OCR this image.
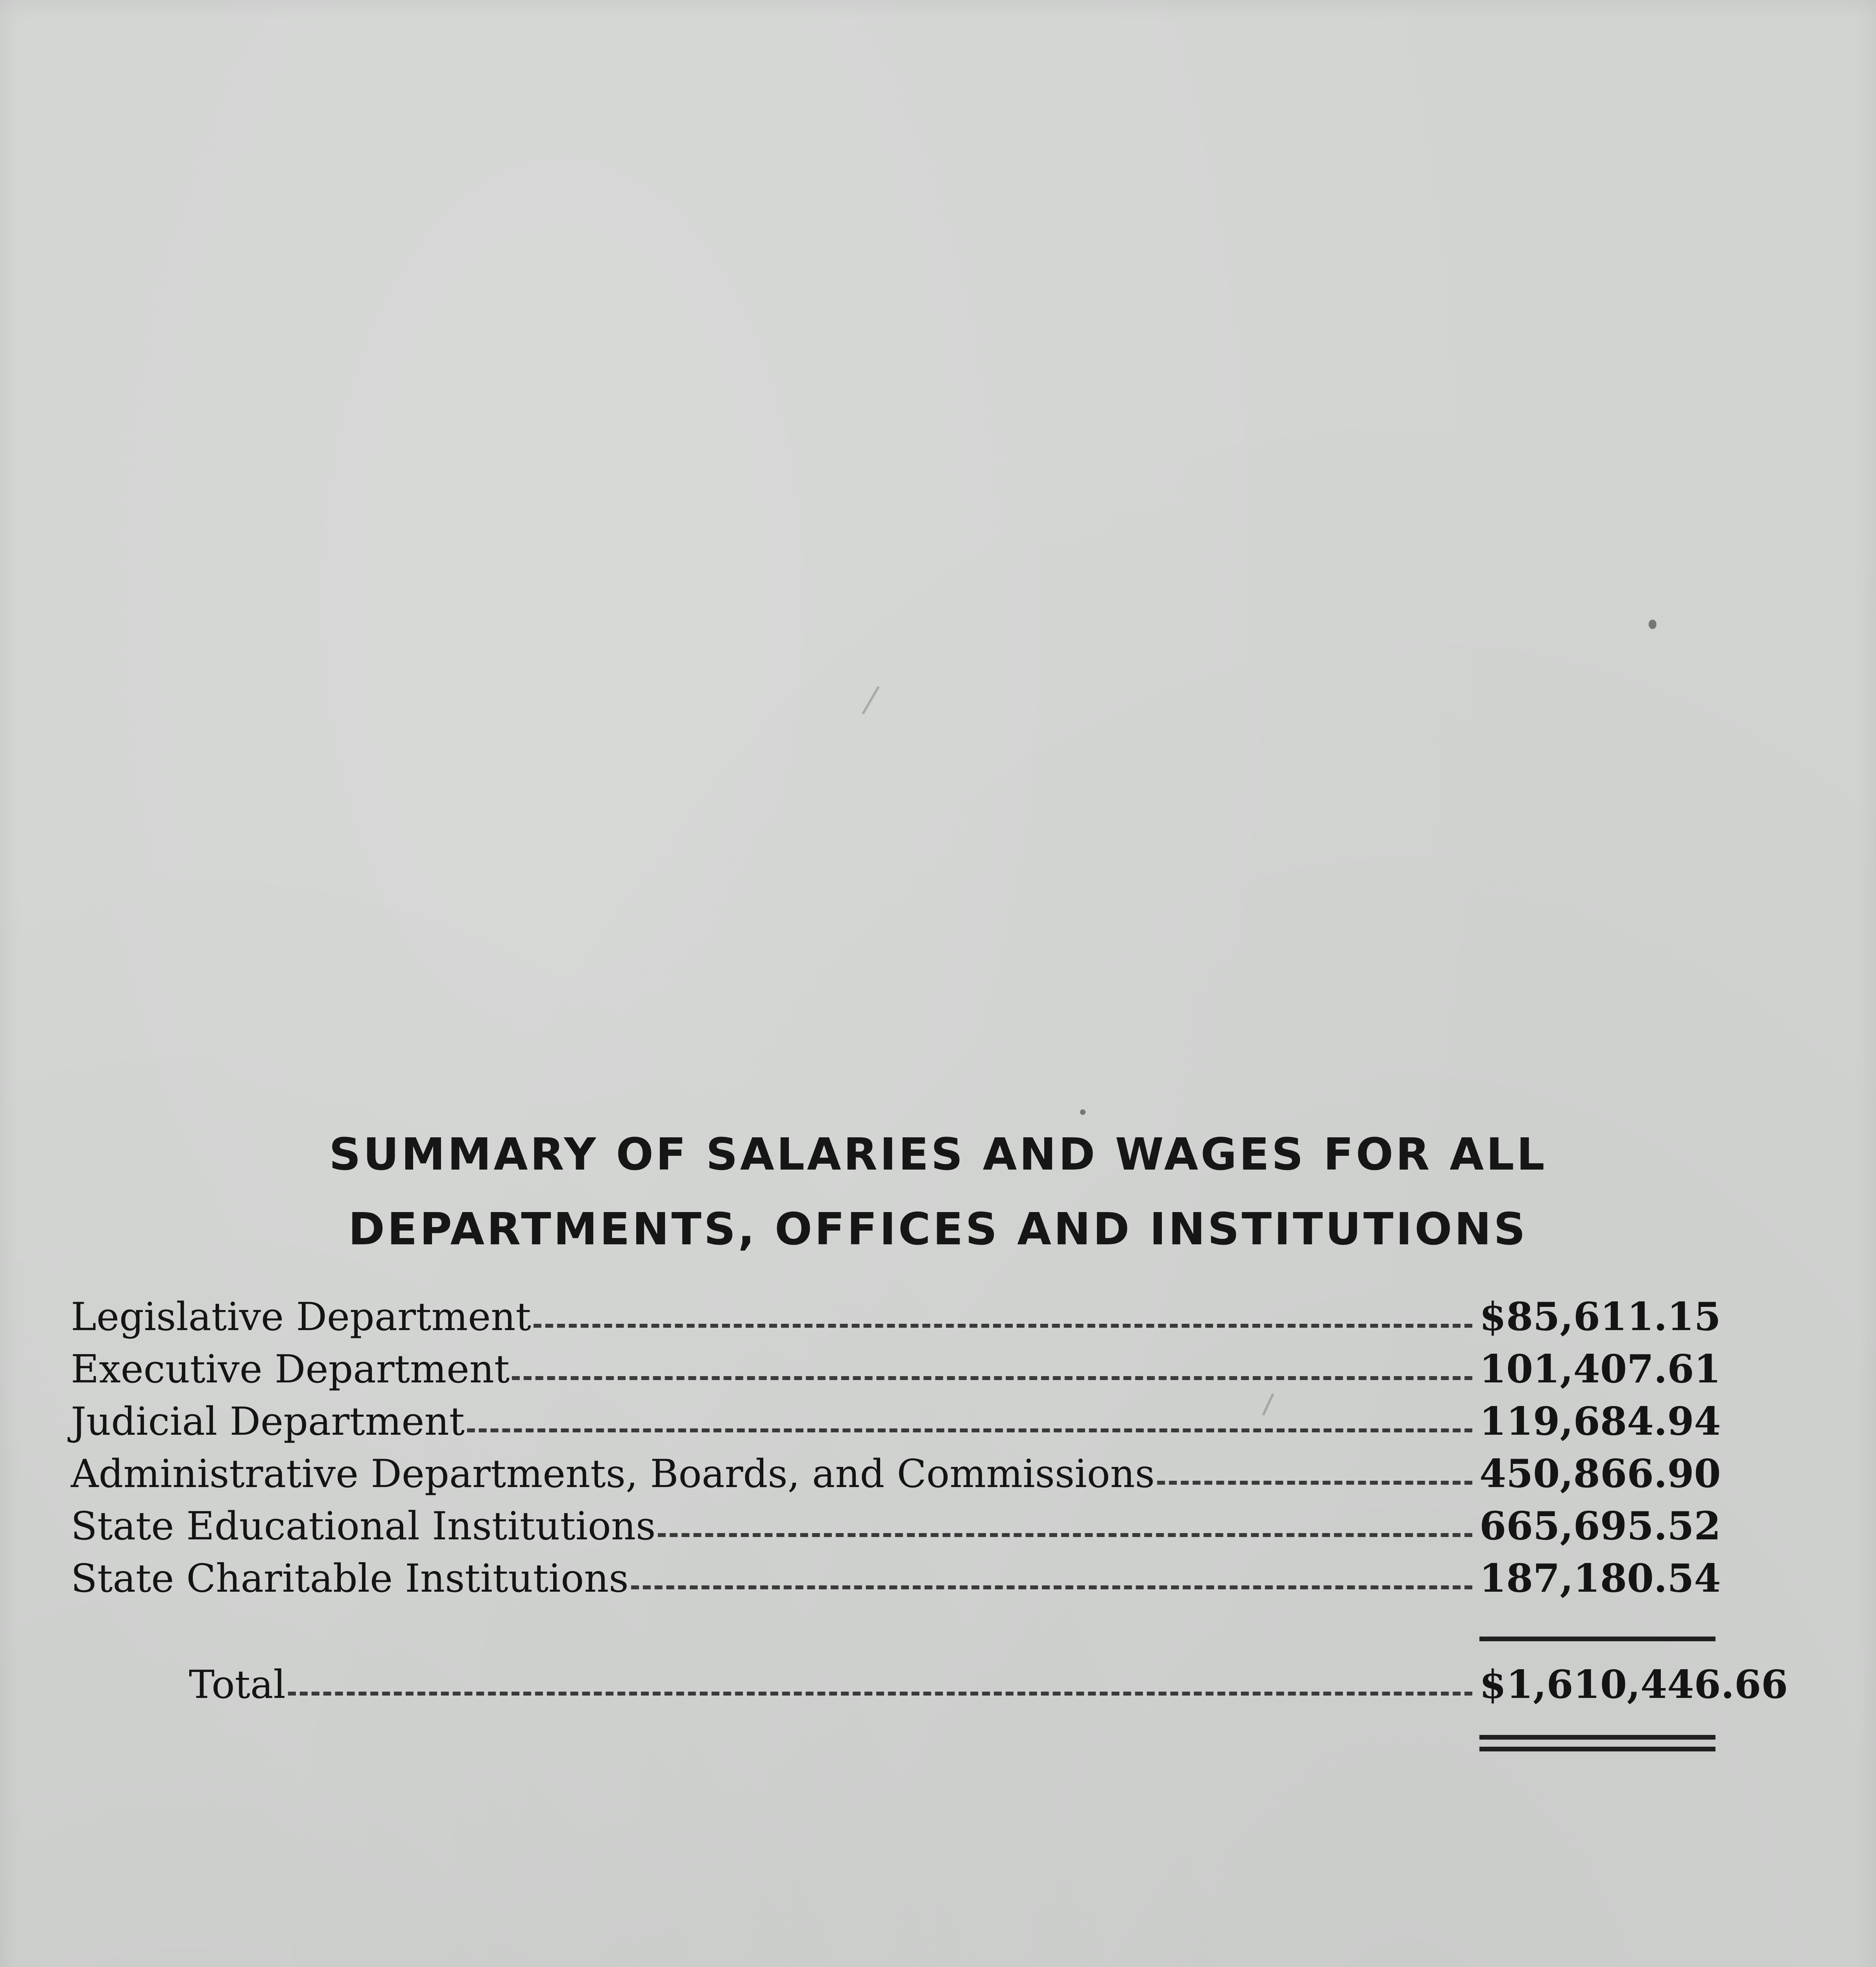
SUMMARY OF SALARIES AND WAGES FOR ALL
DEPARTMENTS, OFFICES AND INSTITUTIONS
Legislative Department	$ 85,611.15
Executive Department	101,407.61
Judicial Department	119,684.94
Administrative Departments, Boards, and Commissions	450,866.90
State Educational Institutions	665,695.52
State Charitable Institutions	187,180.54
Total	$1,610,446.66
